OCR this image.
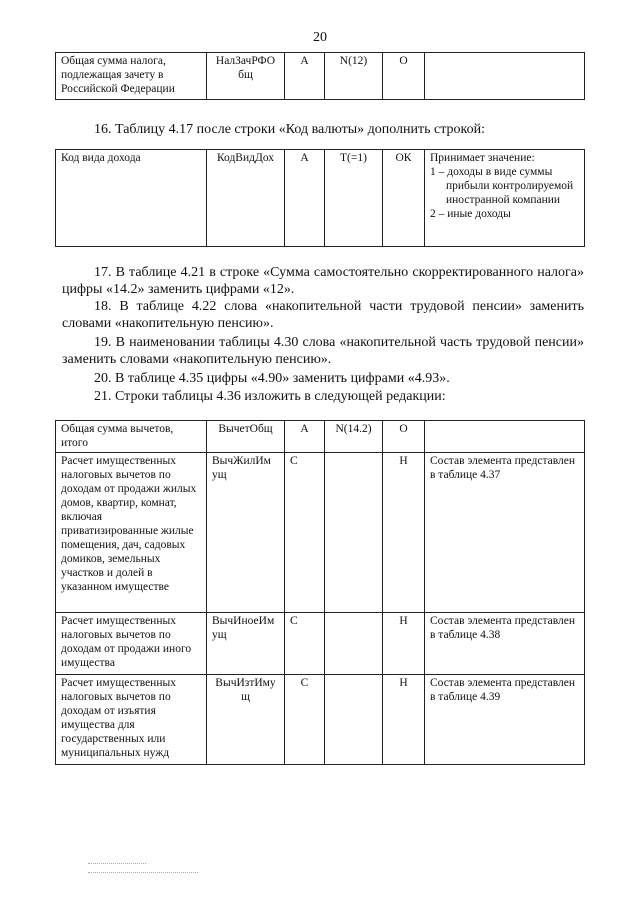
20
Общая сумма налога, подлежащая зачету в Российской Федерации	НалЗачРФО бщ	А	N(12)	О	
16. Таблицу 4.17 после строки «Код валюты» дополнить строкой:
Код вида дохода	КодВидДох	А	T(=1)	ОК	Принимает значение:
1 – доходы в виде суммы
прибыли контролируемой иностранной компании
2 – иные доходы
17. В таблице 4.21 в строке «Сумма самостоятельно скорректированного налога» цифры «14.2» заменить цифрами «12».
18. В таблице 4.22 слова «накопительной части трудовой пенсии» заменить словами «накопительную пенсию».
19. В наименовании таблицы 4.30 слова «накопительной часть трудовой пенсии» заменить словами «накопительную пенсию».
20. В таблице 4.35 цифры «4.90» заменить цифрами «4.93».
21. Строки таблицы 4.36 изложить в следующей редакции:
Общая сумма вычетов, итого	ВычетОбщ	А	N(14.2)	О	
Расчет имущественных налоговых вычетов по доходам от продажи жилых домов, квартир, комнат, включая приватизированные жилые помещения, дач, садовых домиков, земельных участков и долей в указанном имуществе	ВычЖилИм ущ	С		Н	Состав элемента представлен в таблице 4.37
Расчет имущественных налоговых вычетов по доходам от продажи иного имущества	ВычИноеИм ущ	С		Н	Состав элемента представлен в таблице 4.38
Расчет имущественных налоговых вычетов по доходам от изъятия имущества для государственных или муниципальных нужд	ВычИзтИму щ	С		Н	Состав элемента представлен в таблице 4.39
